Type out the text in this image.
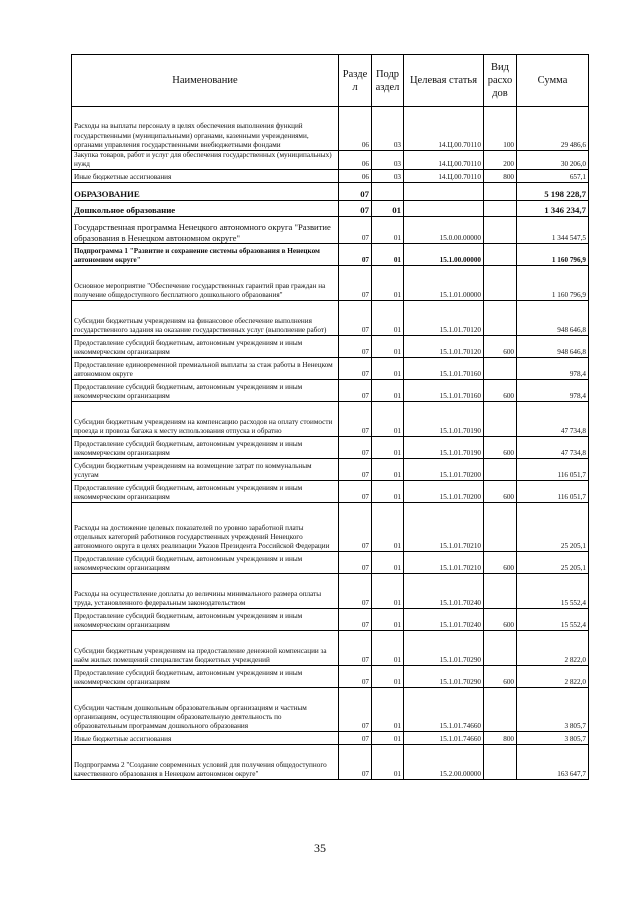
Наименование	Разде л	Подр аздел	Целевая статья	Вид расхо дов	Сумма
Расходы на выплаты персоналу в целях обеспечения выполнения функций государственными (муниципальными) органами, казенными учреждениями, органами управления государственными внебюджетными фондами	06	03	14.Ц.00.70110	100	29 486,6
Закупка товаров, работ и услуг для обеспечения государственных (муниципальных) нужд	06	03	14.Ц.00.70110	200	30 206,0
Иные бюджетные ассигнования	06	03	14.Ц.00.70110	800	657,1
ОБРАЗОВАНИЕ	07				5 198 228,7
Дошкольное образование	07	01			1 346 234,7
Государственная программа Ненецкого автономного округа "Развитие образования в Ненецком автономном округе"	07	01	15.0.00.00000		1 344 547,5
Подпрограмма 1 "Развитие и сохранение системы образования в Ненецком автономном округе"	07	01	15.1.00.00000		1 160 796,9
Основное мероприятие "Обеспечение государственных гарантий прав граждан на получение общедоступного бесплатного дошкольного образования"	07	01	15.1.01.00000		1 160 796,9
Субсидии бюджетным учреждениям на финансовое обеспечение выполнения государственного задания на оказание государственных услуг (выполнение работ)	07	01	15.1.01.70120		948 646,8
Предоставление субсидий бюджетным, автономным учреждениям и иным некоммерческим организациям	07	01	15.1.01.70120	600	948 646,8
Предоставление единовременной премиальной выплаты за стаж работы в Ненецком автономном округе	07	01	15.1.01.70160		978,4
Предоставление субсидий бюджетным, автономным учреждениям и иным некоммерческим организациям	07	01	15.1.01.70160	600	978,4
Субсидии бюджетным учреждениям на компенсацию расходов на оплату стоимости проезда и провоза багажа к месту использования отпуска и обратно	07	01	15.1.01.70190		47 734,8
Предоставление субсидий бюджетным, автономным учреждениям и иным некоммерческим организациям	07	01	15.1.01.70190	600	47 734,8
Субсидии бюджетным учреждениям на возмещение затрат по коммунальным услугам	07	01	15.1.01.70200		116 051,7
Предоставление субсидий бюджетным, автономным учреждениям и иным некоммерческим организациям	07	01	15.1.01.70200	600	116 051,7
Расходы на достижение целевых показателей по уровню заработной платы отдельных категорий работников государственных учреждений Ненецкого автономного округа в целях реализации Указов Президента Российской Федерации	07	01	15.1.01.70210		25 205,1
Предоставление субсидий бюджетным, автономным учреждениям и иным некоммерческим организациям	07	01	15.1.01.70210	600	25 205,1
Расходы на осуществление доплаты до величины минимального размера оплаты труда, установленного федеральным законодательством	07	01	15.1.01.70240		15 552,4
Предоставление субсидий бюджетным, автономным учреждениям и иным некоммерческим организациям	07	01	15.1.01.70240	600	15 552,4
Субсидии бюджетным учреждениям на предоставление денежной компенсации за наём жилых помещений специалистам бюджетных учреждений	07	01	15.1.01.70290		2 822,0
Предоставление субсидий бюджетным, автономным учреждениям и иным некоммерческим организациям	07	01	15.1.01.70290	600	2 822,0
Субсидии частным дошкольным образовательным организациям и частным организациям, осуществляющим образовательную деятельность по образовательным программам дошкольного образования	07	01	15.1.01.74660		3 805,7
Иные бюджетные ассигнования	07	01	15.1.01.74660	800	3 805,7
Подпрограмма 2 "Создание современных условий для получения общедоступного качественного образования в Ненецком автономном округе"	07	01	15.2.00.00000		163 647,7
35
